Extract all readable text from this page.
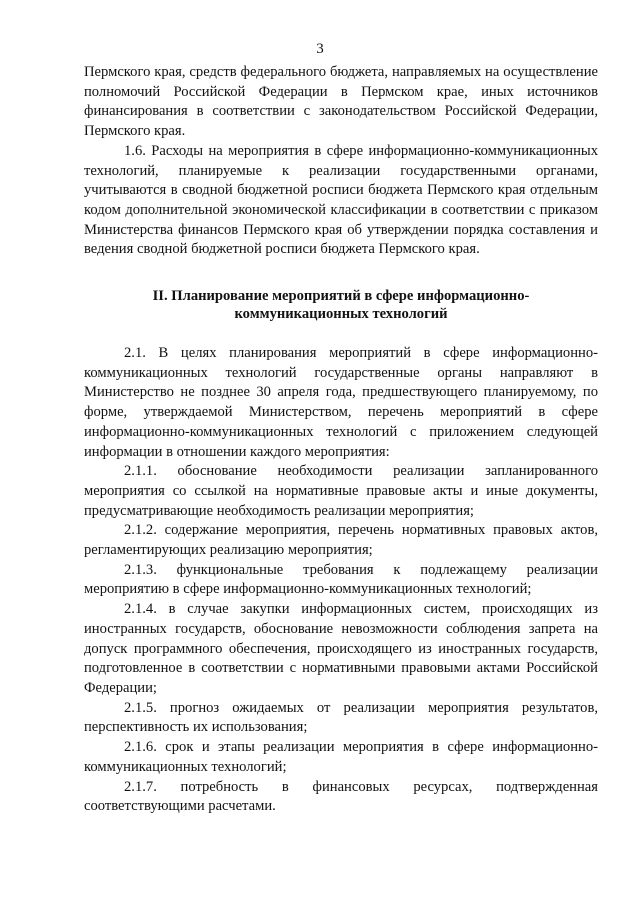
3

Пермского края, средств федерального бюджета, направляемых на осуществление полномочий Российской Федерации в Пермском крае, иных источников финансирования в соответствии с законодательством Российской Федерации, Пермского края.

1.6. Расходы на мероприятия в сфере информационно-коммуникационных технологий, планируемые к реализации государственными органами, учитываются в сводной бюджетной росписи бюджета Пермского края отдельным кодом дополнительной экономической классификации в соответствии с приказом Министерства финансов Пермского края об утверждении порядка составления и ведения сводной бюджетной росписи бюджета Пермского края.

II. Планирование мероприятий в сфере информационно-
коммуникационных технологий

2.1. В целях планирования мероприятий в сфере информационно-коммуникационных технологий государственные органы направляют в Министерство не позднее 30 апреля года, предшествующего планируемому, по форме, утверждаемой Министерством, перечень мероприятий в сфере информационно-коммуникационных технологий с приложением следующей информации в отношении каждого мероприятия:

2.1.1. обоснование необходимости реализации запланированного мероприятия со ссылкой на нормативные правовые акты и иные документы, предусматривающие необходимость реализации мероприятия;

2.1.2. содержание мероприятия, перечень нормативных правовых актов, регламентирующих реализацию мероприятия;

2.1.3. функциональные требования к подлежащему реализации мероприятию в сфере информационно-коммуникационных технологий;

2.1.4. в случае закупки информационных систем, происходящих из иностранных государств, обоснование невозможности соблюдения запрета на допуск программного обеспечения, происходящего из иностранных государств, подготовленное в соответствии с нормативными правовыми актами Российской Федерации;

2.1.5. прогноз ожидаемых от реализации мероприятия результатов, перспективность их использования;

2.1.6. срок и этапы реализации мероприятия в сфере информационно-коммуникационных технологий;

2.1.7. потребность в финансовых ресурсах, подтвержденная соответствующими расчетами.
